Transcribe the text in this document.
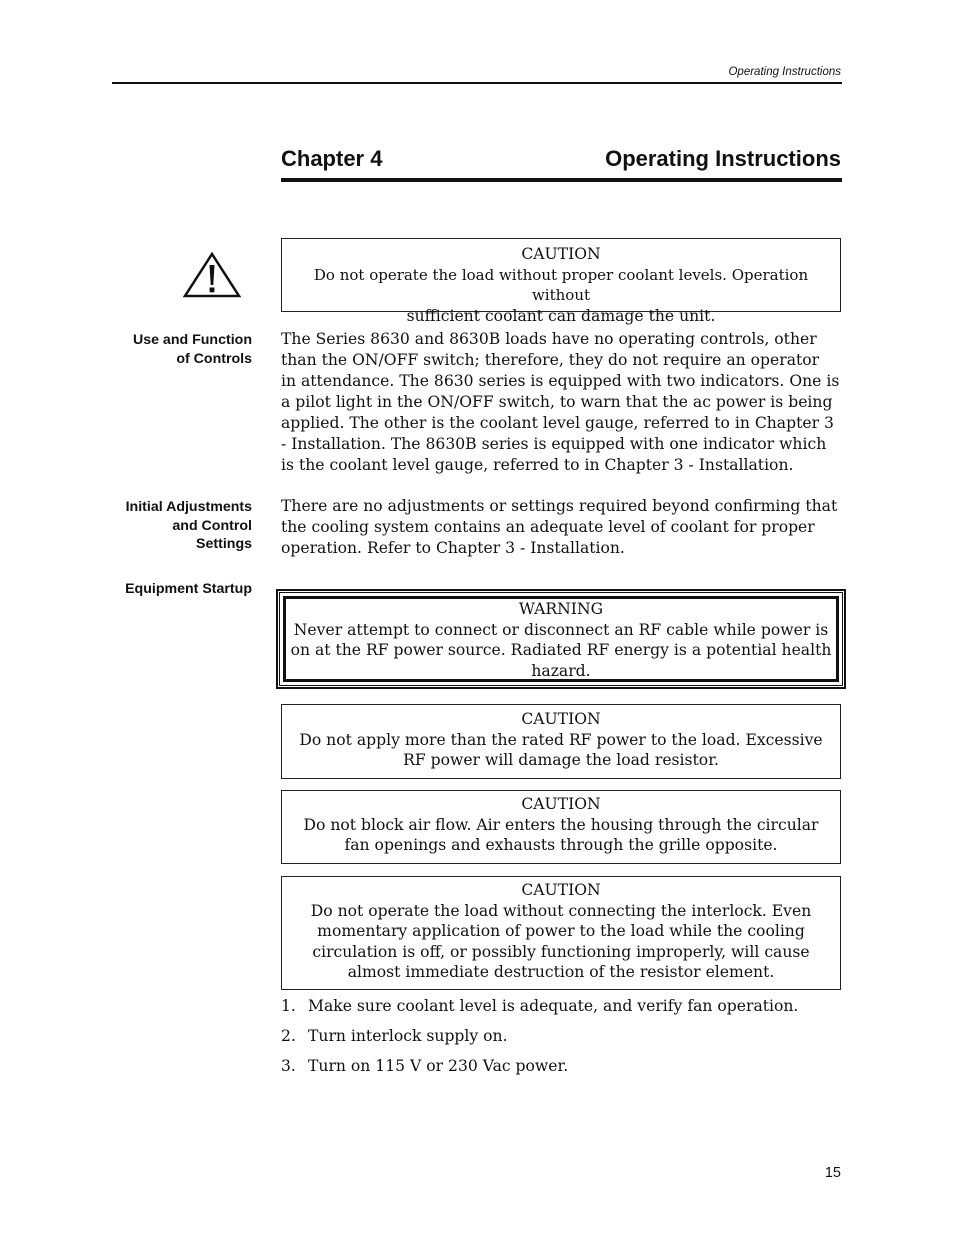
Operating Instructions
Chapter 4	Operating Instructions
CAUTION
Do not operate the load without proper coolant levels. Operation without
sufficient coolant can damage the unit.
Use and Function
of Controls
The Series 8630 and 8630B loads have no operating controls, other
than the ON/OFF switch; therefore, they do not require an operator
in attendance. The 8630 series is equipped with two indicators. One is
a pilot light in the ON/OFF switch, to warn that the ac power is being
applied. The other is the coolant level gauge, referred to in Chapter 3
- Installation. The 8630B series is equipped with one indicator which
is the coolant level gauge, referred to in Chapter 3 - Installation.
Initial Adjustments
and Control
Settings
There are no adjustments or settings required beyond confirming that
the cooling system contains an adequate level of coolant for proper
operation. Refer to Chapter 3 - Installation.
Equipment Startup
WARNING
Never attempt to connect or disconnect an RF cable while power is
on at the RF power source. Radiated RF energy is a potential health
hazard.
CAUTION
Do not apply more than the rated RF power to the load. Excessive
RF power will damage the load resistor.
CAUTION
Do not block air flow. Air enters the housing through the circular
fan openings and exhausts through the grille opposite.
CAUTION
Do not operate the load without connecting the interlock. Even
momentary application of power to the load while the cooling
circulation is off, or possibly functioning improperly, will cause
almost immediate destruction of the resistor element.
1. Make sure coolant level is adequate, and verify fan operation.
2. Turn interlock supply on.
3. Turn on 115 V or 230 Vac power.
15
